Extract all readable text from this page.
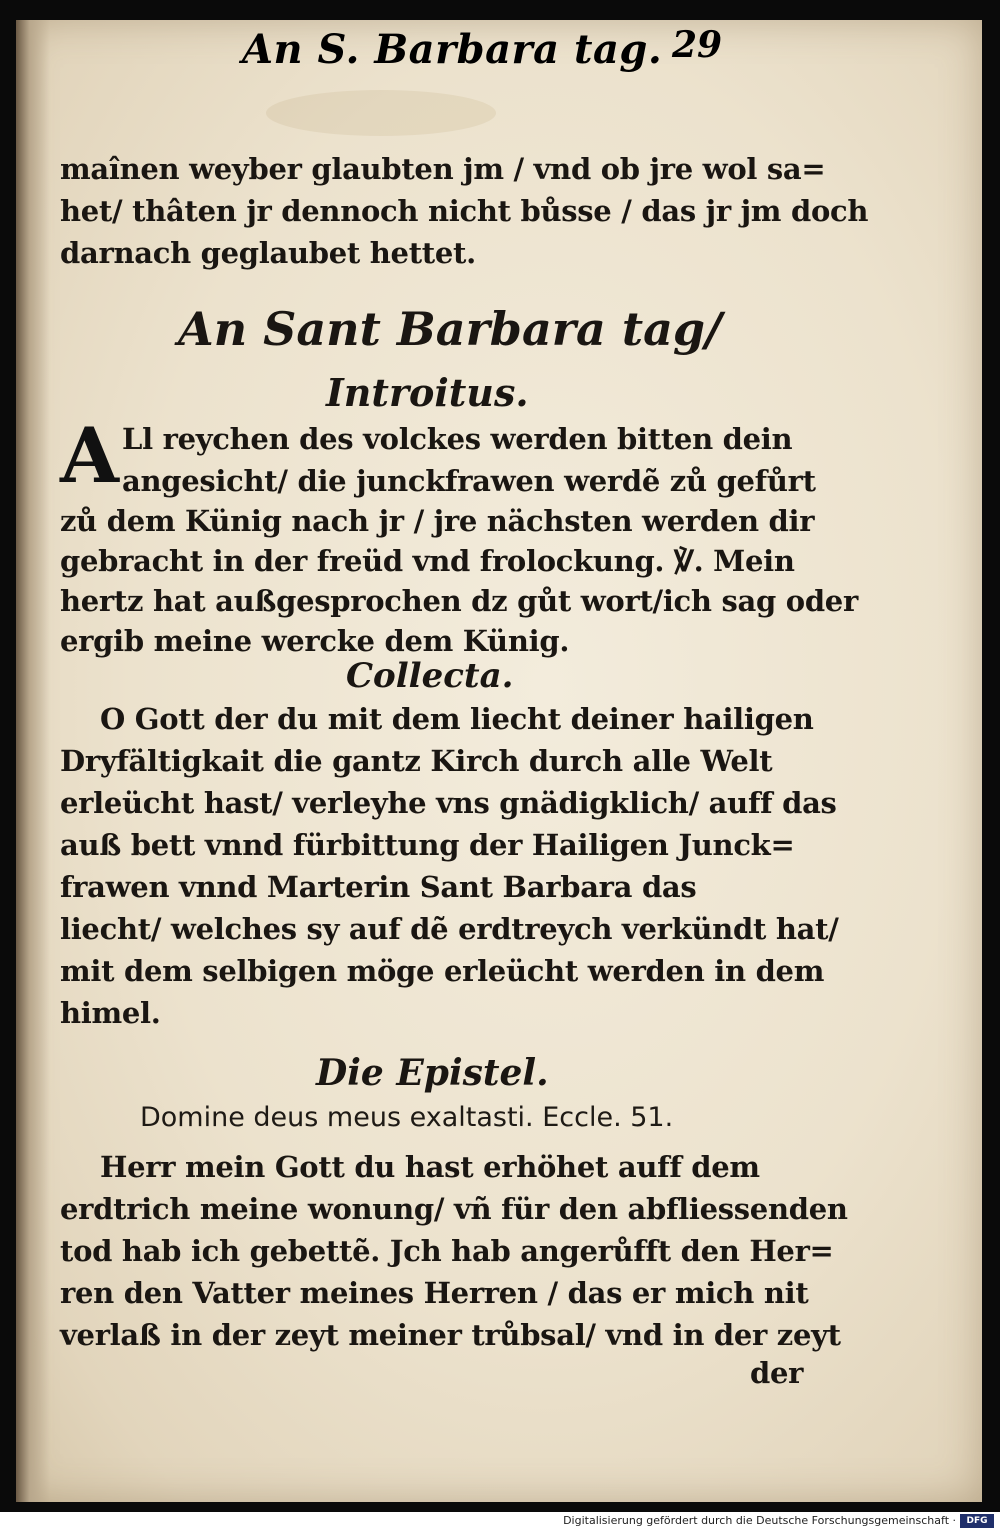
An S. Barbara tag. 29
maînen weyber glaubten jm / vnd ob jre wol sa=
het/ thâten jr dennoch nicht bůsse / das jr jm doch
darnach geglaubet hettet.
An Sant Barbara tag/
Introitus.
A Ll reychen des volckes werden bitten dein
angesicht/ die junckfrawen werdẽ zů gefůrt
zů dem Künig nach jr / jre nächsten werden dir
gebracht in der freüd vnd frolockung. ℣. Mein
hertz hat außgesprochen dz gůt wort/ich sag oder
ergib meine wercke dem Künig.
Collecta.
O Gott der du mit dem liecht deiner hailigen
Dryfältigkait die gantz Kirch durch alle Welt
erleücht hast/ verleyhe vns gnädigklich/ auff das
auß bett vnnd fürbittung der Hailigen Junck=
frawen vnnd Marterin Sant Barbara das
liecht/ welches sy auf dẽ erdtreych verkündt hat/
mit dem selbigen möge erleücht werden in dem
himel.
Die Epistel.
Domine deus meus exaltasti. Eccle. 51.
Herr mein Gott du hast erhöhet auff dem
erdtrich meine wonung/ vñ für den abfliessenden
tod hab ich gebettẽ. Jch hab angerůfft den Her=
ren den Vatter meines Herren / das er mich nit
verlaß in der zeyt meiner trůbsal/ vnd in der zeyt
der
Digitalisierung gefördert durch die Deutsche Forschungsgemeinschaft ·	DFG
